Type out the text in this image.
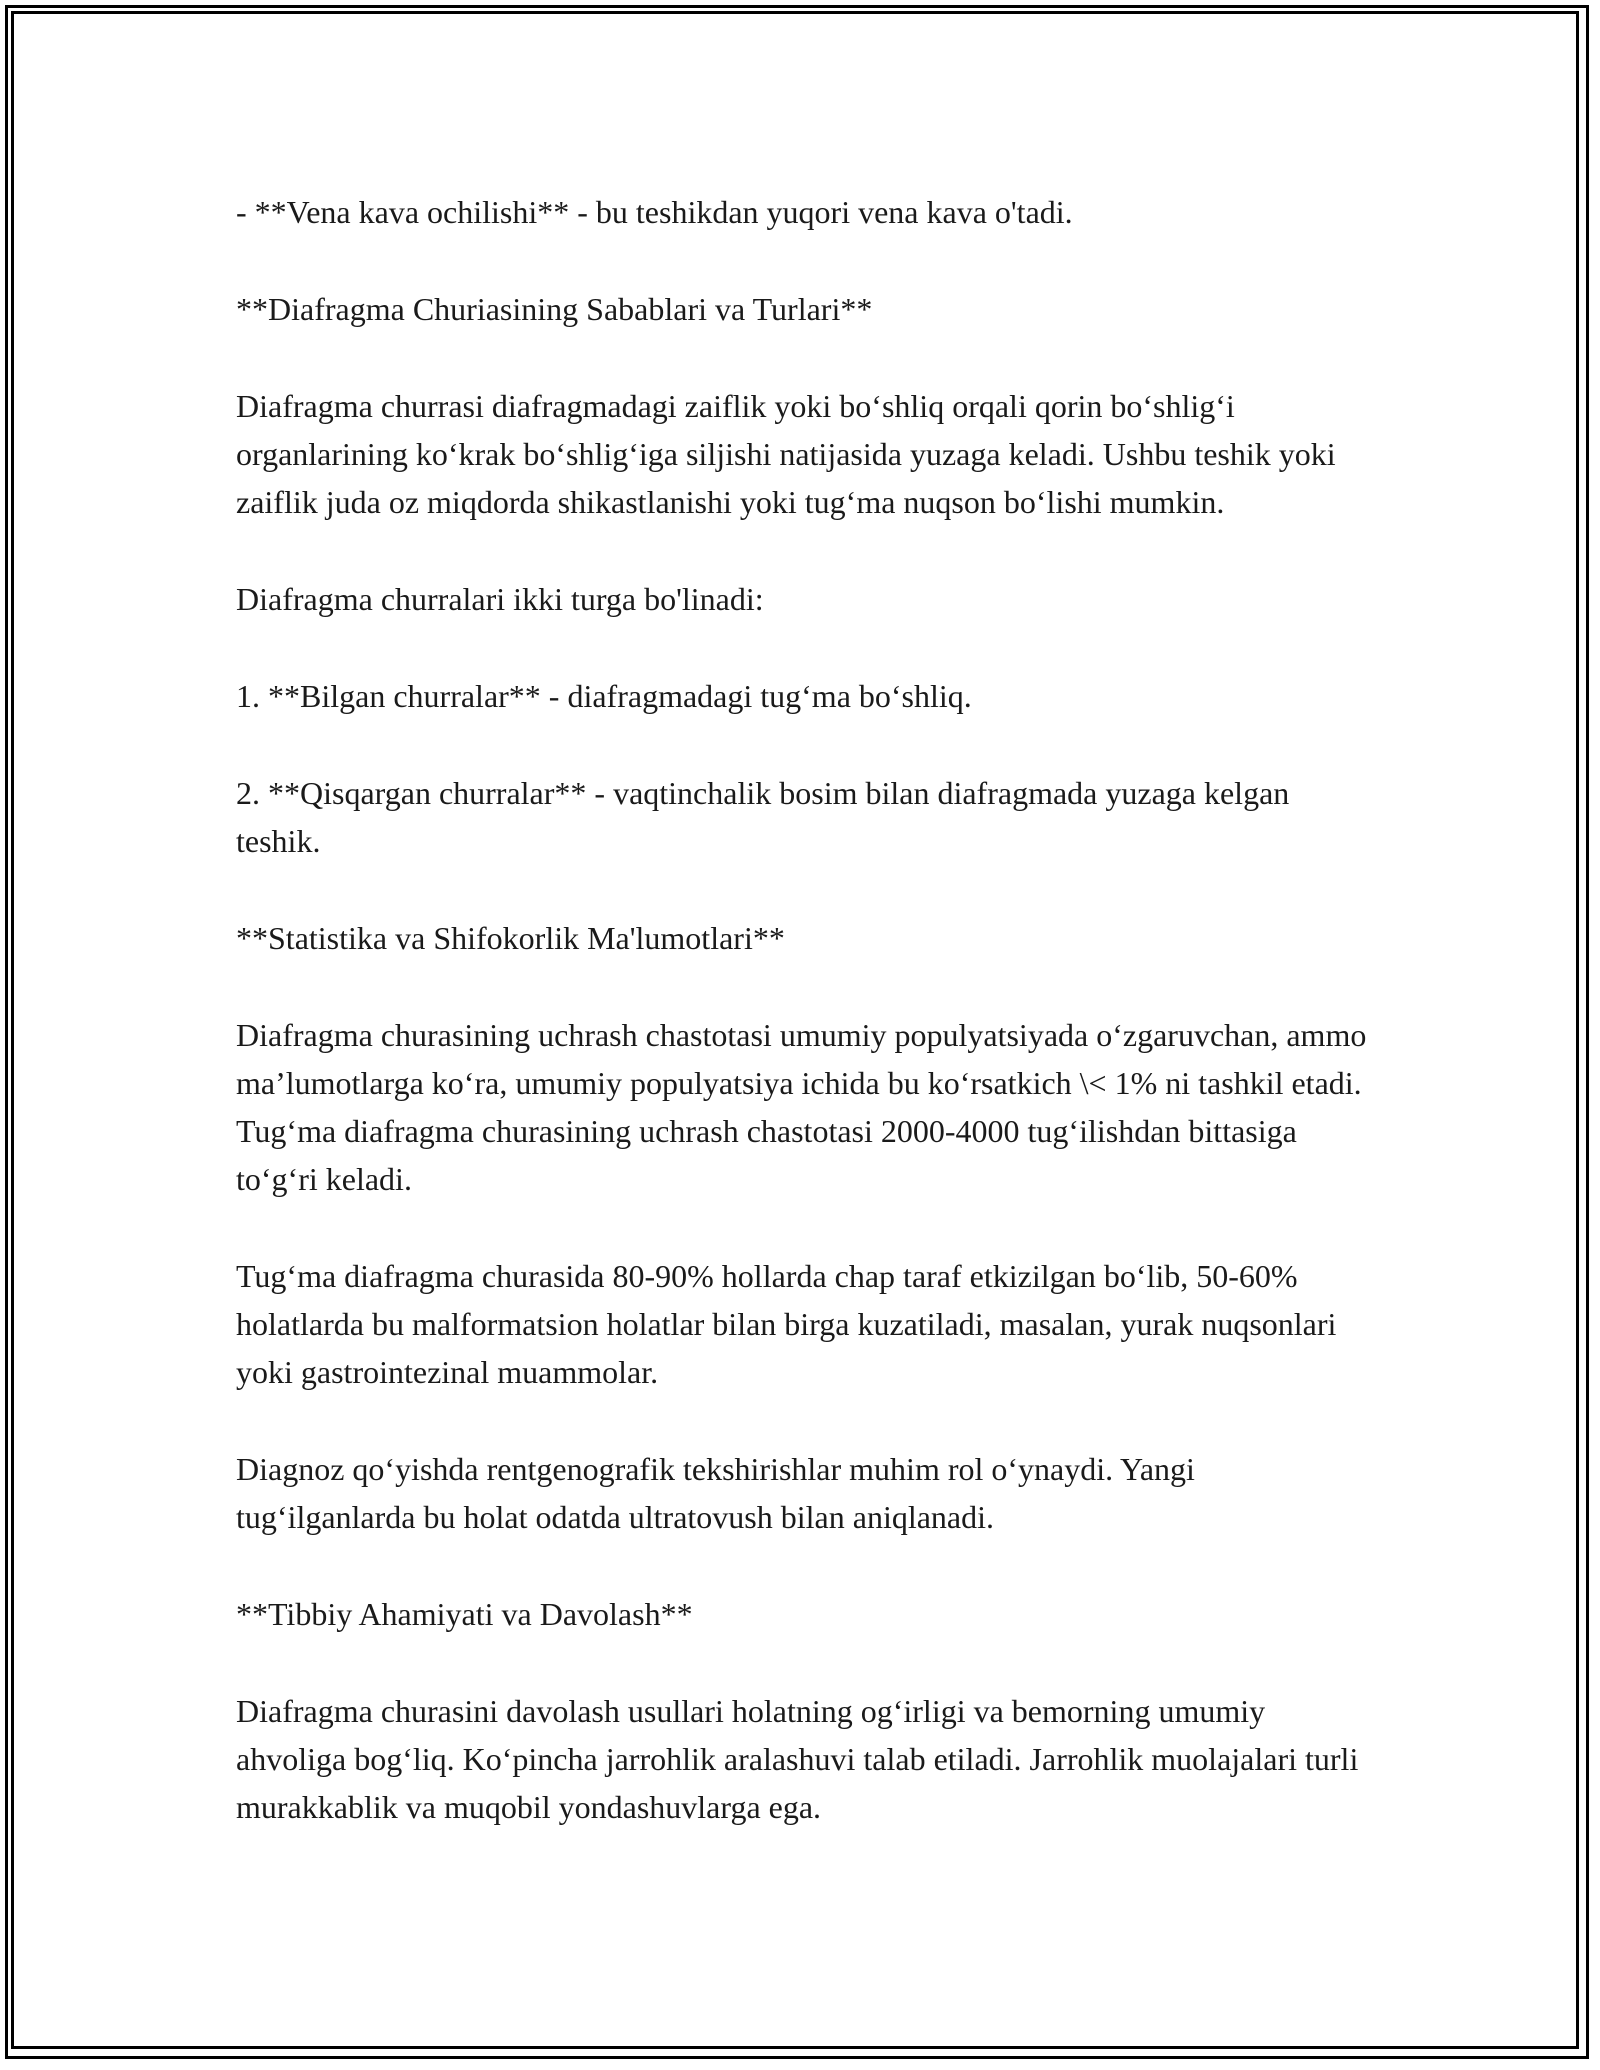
- **Vena kava ochilishi** - bu teshikdan yuqori vena kava o'tadi.

**Diafragma Churiasining Sabablari va Turlari**

Diafragma churrasi diafragmadagi zaiflik yoki bo‘shliq orqali qorin bo‘shlig‘i organlarining ko‘krak bo‘shlig‘iga siljishi natijasida yuzaga keladi. Ushbu teshik yoki zaiflik juda oz miqdorda shikastlanishi yoki tug‘ma nuqson bo‘lishi mumkin.

Diafragma churralari ikki turga bo'linadi:

1. **Bilgan churralar** - diafragmadagi tug‘ma bo‘shliq.

2. **Qisqargan churralar** - vaqtinchalik bosim bilan diafragmada yuzaga kelgan teshik.

**Statistika va Shifokorlik Ma'lumotlari**

Diafragma churasining uchrash chastotasi umumiy populyatsiyada o‘zgaruvchan, ammo ma’lumotlarga ko‘ra, umumiy populyatsiya ichida bu ko‘rsatkich \< 1% ni tashkil etadi. Tug‘ma diafragma churasining uchrash chastotasi 2000-4000 tug‘ilishdan bittasiga to‘g‘ri keladi.

Tug‘ma diafragma churasida 80-90% hollarda chap taraf etkizilgan bo‘lib, 50-60% holatlarda bu malformatsion holatlar bilan birga kuzatiladi, masalan, yurak nuqsonlari yoki gastrointezinal muammolar.

Diagnoz qo‘yishda rentgenografik tekshirishlar muhim rol o‘ynaydi. Yangi tug‘ilganlarda bu holat odatda ultratovush bilan aniqlanadi.

**Tibbiy Ahamiyati va Davolash**

Diafragma churasini davolash usullari holatning og‘irligi va bemorning umumiy ahvoliga bog‘liq. Ko‘pincha jarrohlik aralashuvi talab etiladi. Jarrohlik muolajalari turli murakkablik va muqobil yondashuvlarga ega.
